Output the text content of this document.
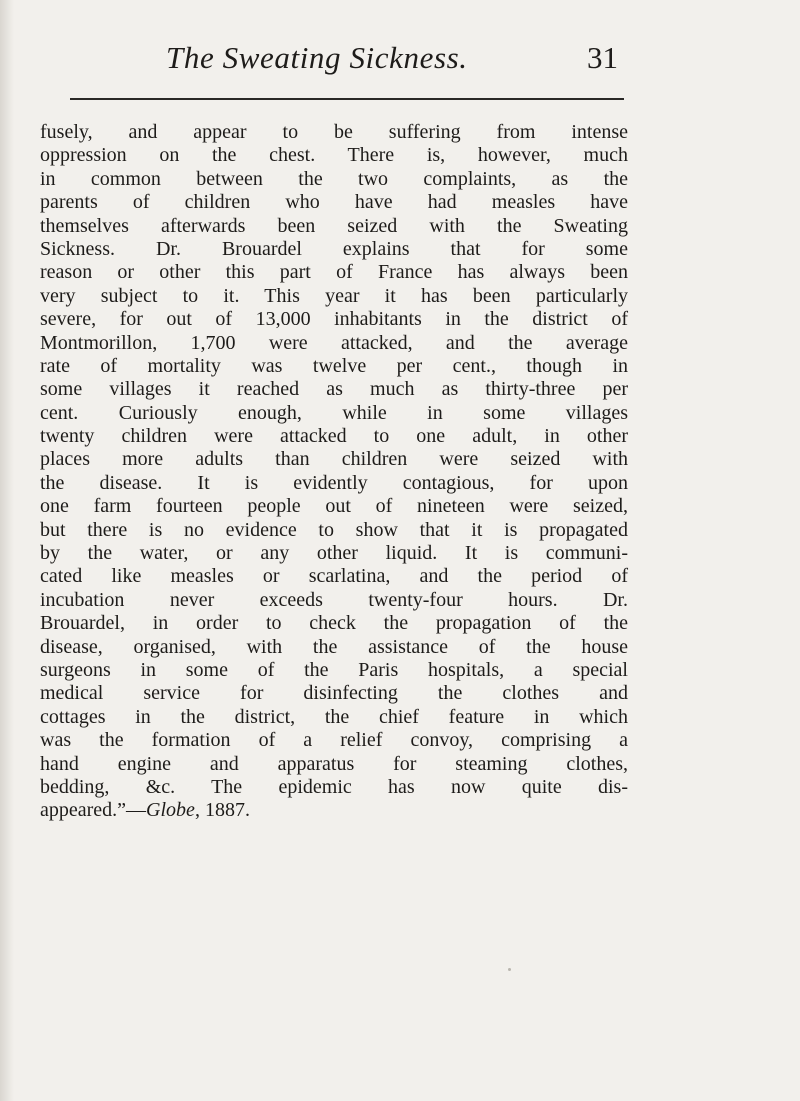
The Sweating Sickness.	31
fusely, and appear to be suffering from intense
oppression on the chest. There is, however, much
in common between the two complaints, as the
parents of children who have had measles have
themselves afterwards been seized with the Sweating
Sickness. Dr. Brouardel explains that for some
reason or other this part of France has always been
very subject to it. This year it has been particularly
severe, for out of 13,000 inhabitants in the district of
Montmorillon, 1,700 were attacked, and the average
rate of mortality was twelve per cent., though in
some villages it reached as much as thirty-three per
cent. Curiously enough, while in some villages
twenty children were attacked to one adult, in other
places more adults than children were seized with
the disease. It is evidently contagious, for upon
one farm fourteen people out of nineteen were seized,
but there is no evidence to show that it is propagated
by the water, or any other liquid. It is communi-
cated like measles or scarlatina, and the period of
incubation never exceeds twenty-four hours. Dr.
Brouardel, in order to check the propagation of the
disease, organised, with the assistance of the house
surgeons in some of the Paris hospitals, a special
medical service for disinfecting the clothes and
cottages in the district, the chief feature in which
was the formation of a relief convoy, comprising a
hand engine and apparatus for steaming clothes,
bedding, &c. The epidemic has now quite dis-
appeared.”—Globe, 1887.
